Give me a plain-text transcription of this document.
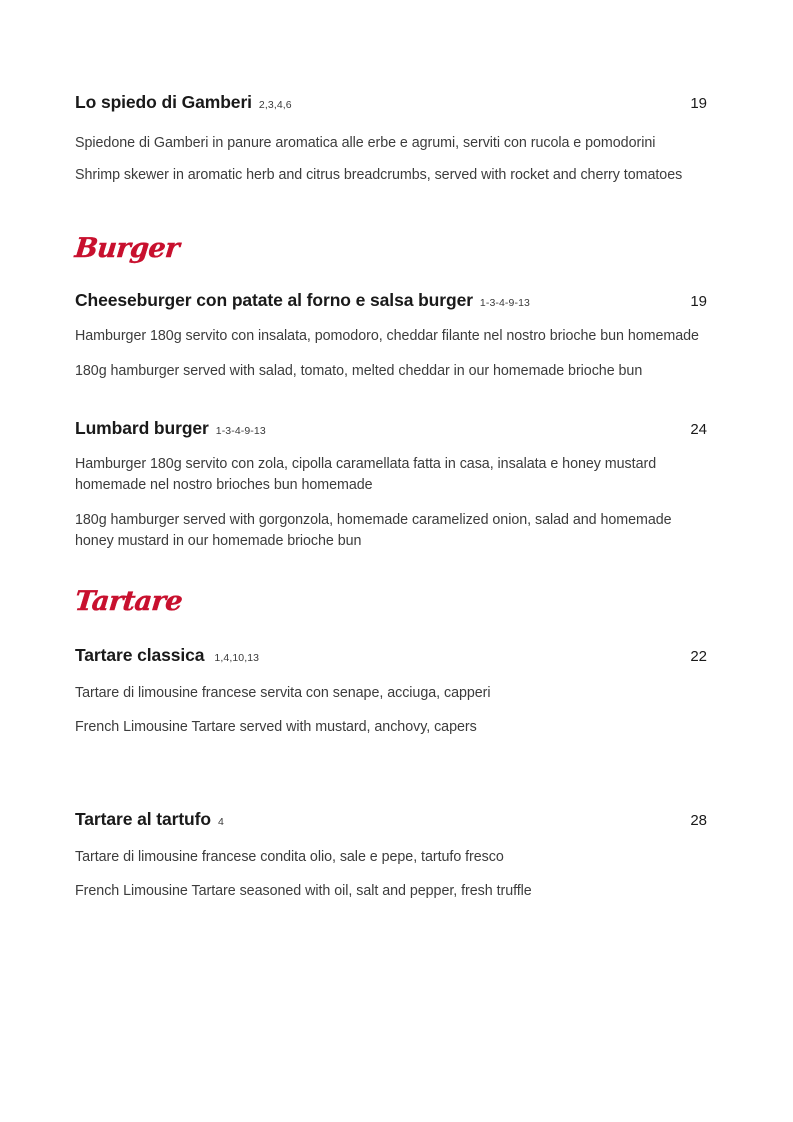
Lo spiedo di Gamberi 2,3,4,6	19
Spiedone di Gamberi in panure aromatica alle erbe e agrumi, serviti con rucola e pomodorini
Shrimp skewer in aromatic herb and citrus breadcrumbs, served with rocket and cherry tomatoes
Burger
Cheeseburger con patate al forno e salsa burger 1-3-4-9-13	19
Hamburger 180g servito con insalata, pomodoro, cheddar filante nel nostro brioche bun homemade
180g hamburger served with salad, tomato, melted cheddar in our homemade brioche bun
Lumbard burger 1-3-4-9-13	24
Hamburger 180g servito con zola, cipolla caramellata fatta in casa, insalata e honey mustard homemade nel nostro brioches bun homemade
180g hamburger served with gorgonzola, homemade caramelized onion, salad and homemade honey mustard in our homemade brioche bun
Tartare
Tartare classica 1,4,10,13	22
Tartare di limousine francese servita con senape, acciuga, capperi
French Limousine Tartare served with mustard, anchovy, capers
Tartare al tartufo 4	28
Tartare di limousine francese condita olio, sale e pepe, tartufo fresco
French Limousine Tartare seasoned with oil, salt and pepper, fresh truffle
